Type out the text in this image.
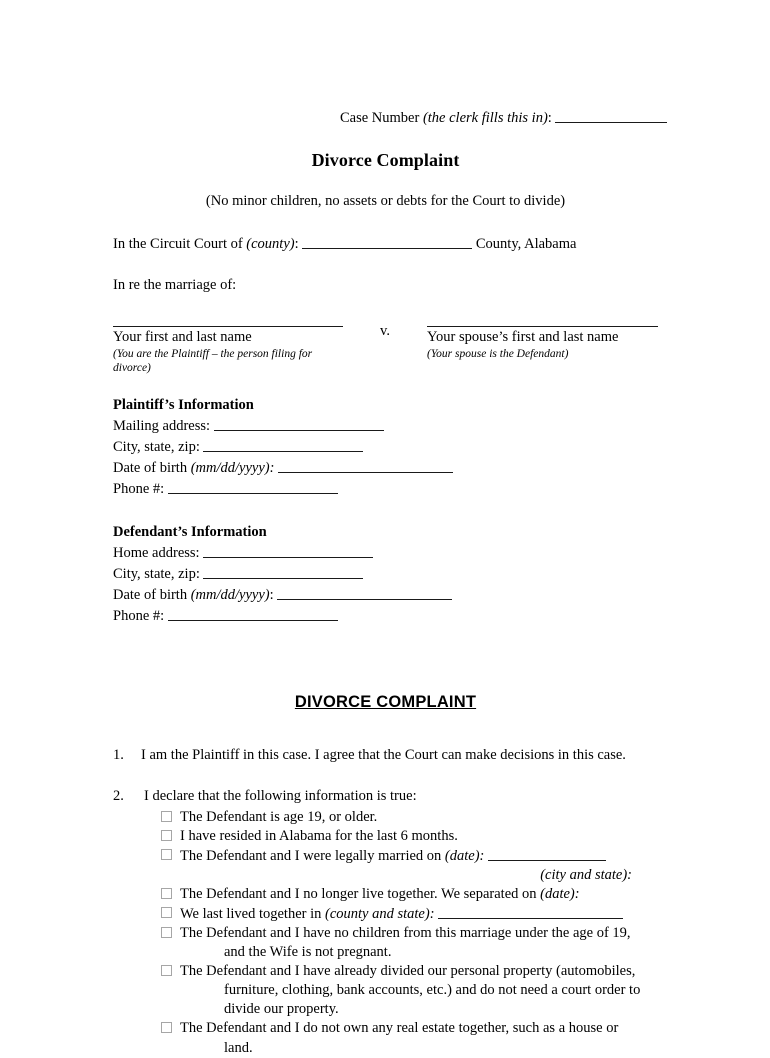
Case Number (the clerk fills this in):
Divorce Complaint
(No minor children, no assets or debts for the Court to divide)
In the Circuit Court of (county):	County, Alabama
In re the marriage of:
Your first and last name
(You are the Plaintiff – the person filing for divorce)
v.	Your spouse’s first and last name
(Your spouse is the Defendant)
Plaintiff’s Information
Mailing address:
City, state, zip:
Date of birth (mm/dd/yyyy):
Phone #:
Defendant’s Information
Home address:
City, state, zip:
Date of birth (mm/dd/yyyy):
Phone #:
DIVORCE COMPLAINT
1. I am the Plaintiff in this case. I agree that the Court can make decisions in this case.
2. I declare that the following information is true:
The Defendant is age 19, or older.
I have resided in Alabama for the last 6 months.
The Defendant and I were legally married on (date):
(city and state):
The Defendant and I no longer live together. We separated on (date):
We last lived together in (county and state):
The Defendant and I have no children from this marriage under the age of 19,
and the Wife is not pregnant.
The Defendant and I have already divided our personal property (automobiles,
furniture, clothing, bank accounts, etc.) and do not need a court order to divide our property.
The Defendant and I do not own any real estate together, such as a house or
land.
